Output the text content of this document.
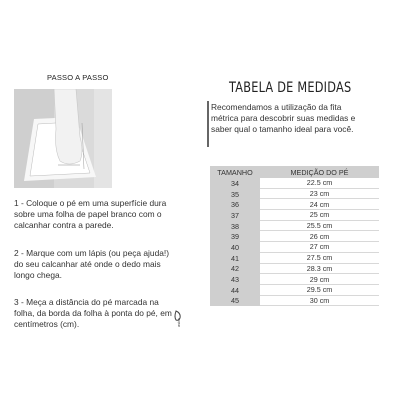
PASSO A PASSO
1 - Coloque o pé em uma superfície dura sobre uma folha de papel branco com o calcanhar contra a parede.
2 - Marque com um lápis (ou peça ajuda!) do seu calcanhar até onde o dedo mais longo chega.
3 - Meça a distância do pé marcada na folha, da borda da folha à ponta do pé, em centímetros (cm).	asics
TABELA DE MEDIDAS
Recomendamos a utilização da fita métrica para descobrir suas medidas e saber qual o tamanho ideal para você.
TAMANHO	MEDIÇÃO DO PÉ
34	22.5 cm
35	23 cm
36	24 cm
37	25 cm
38	25.5 cm
39	26 cm
40	27 cm
41	27.5 cm
42	28.3 cm
43	29 cm
44	29.5 cm
45	30 cm
